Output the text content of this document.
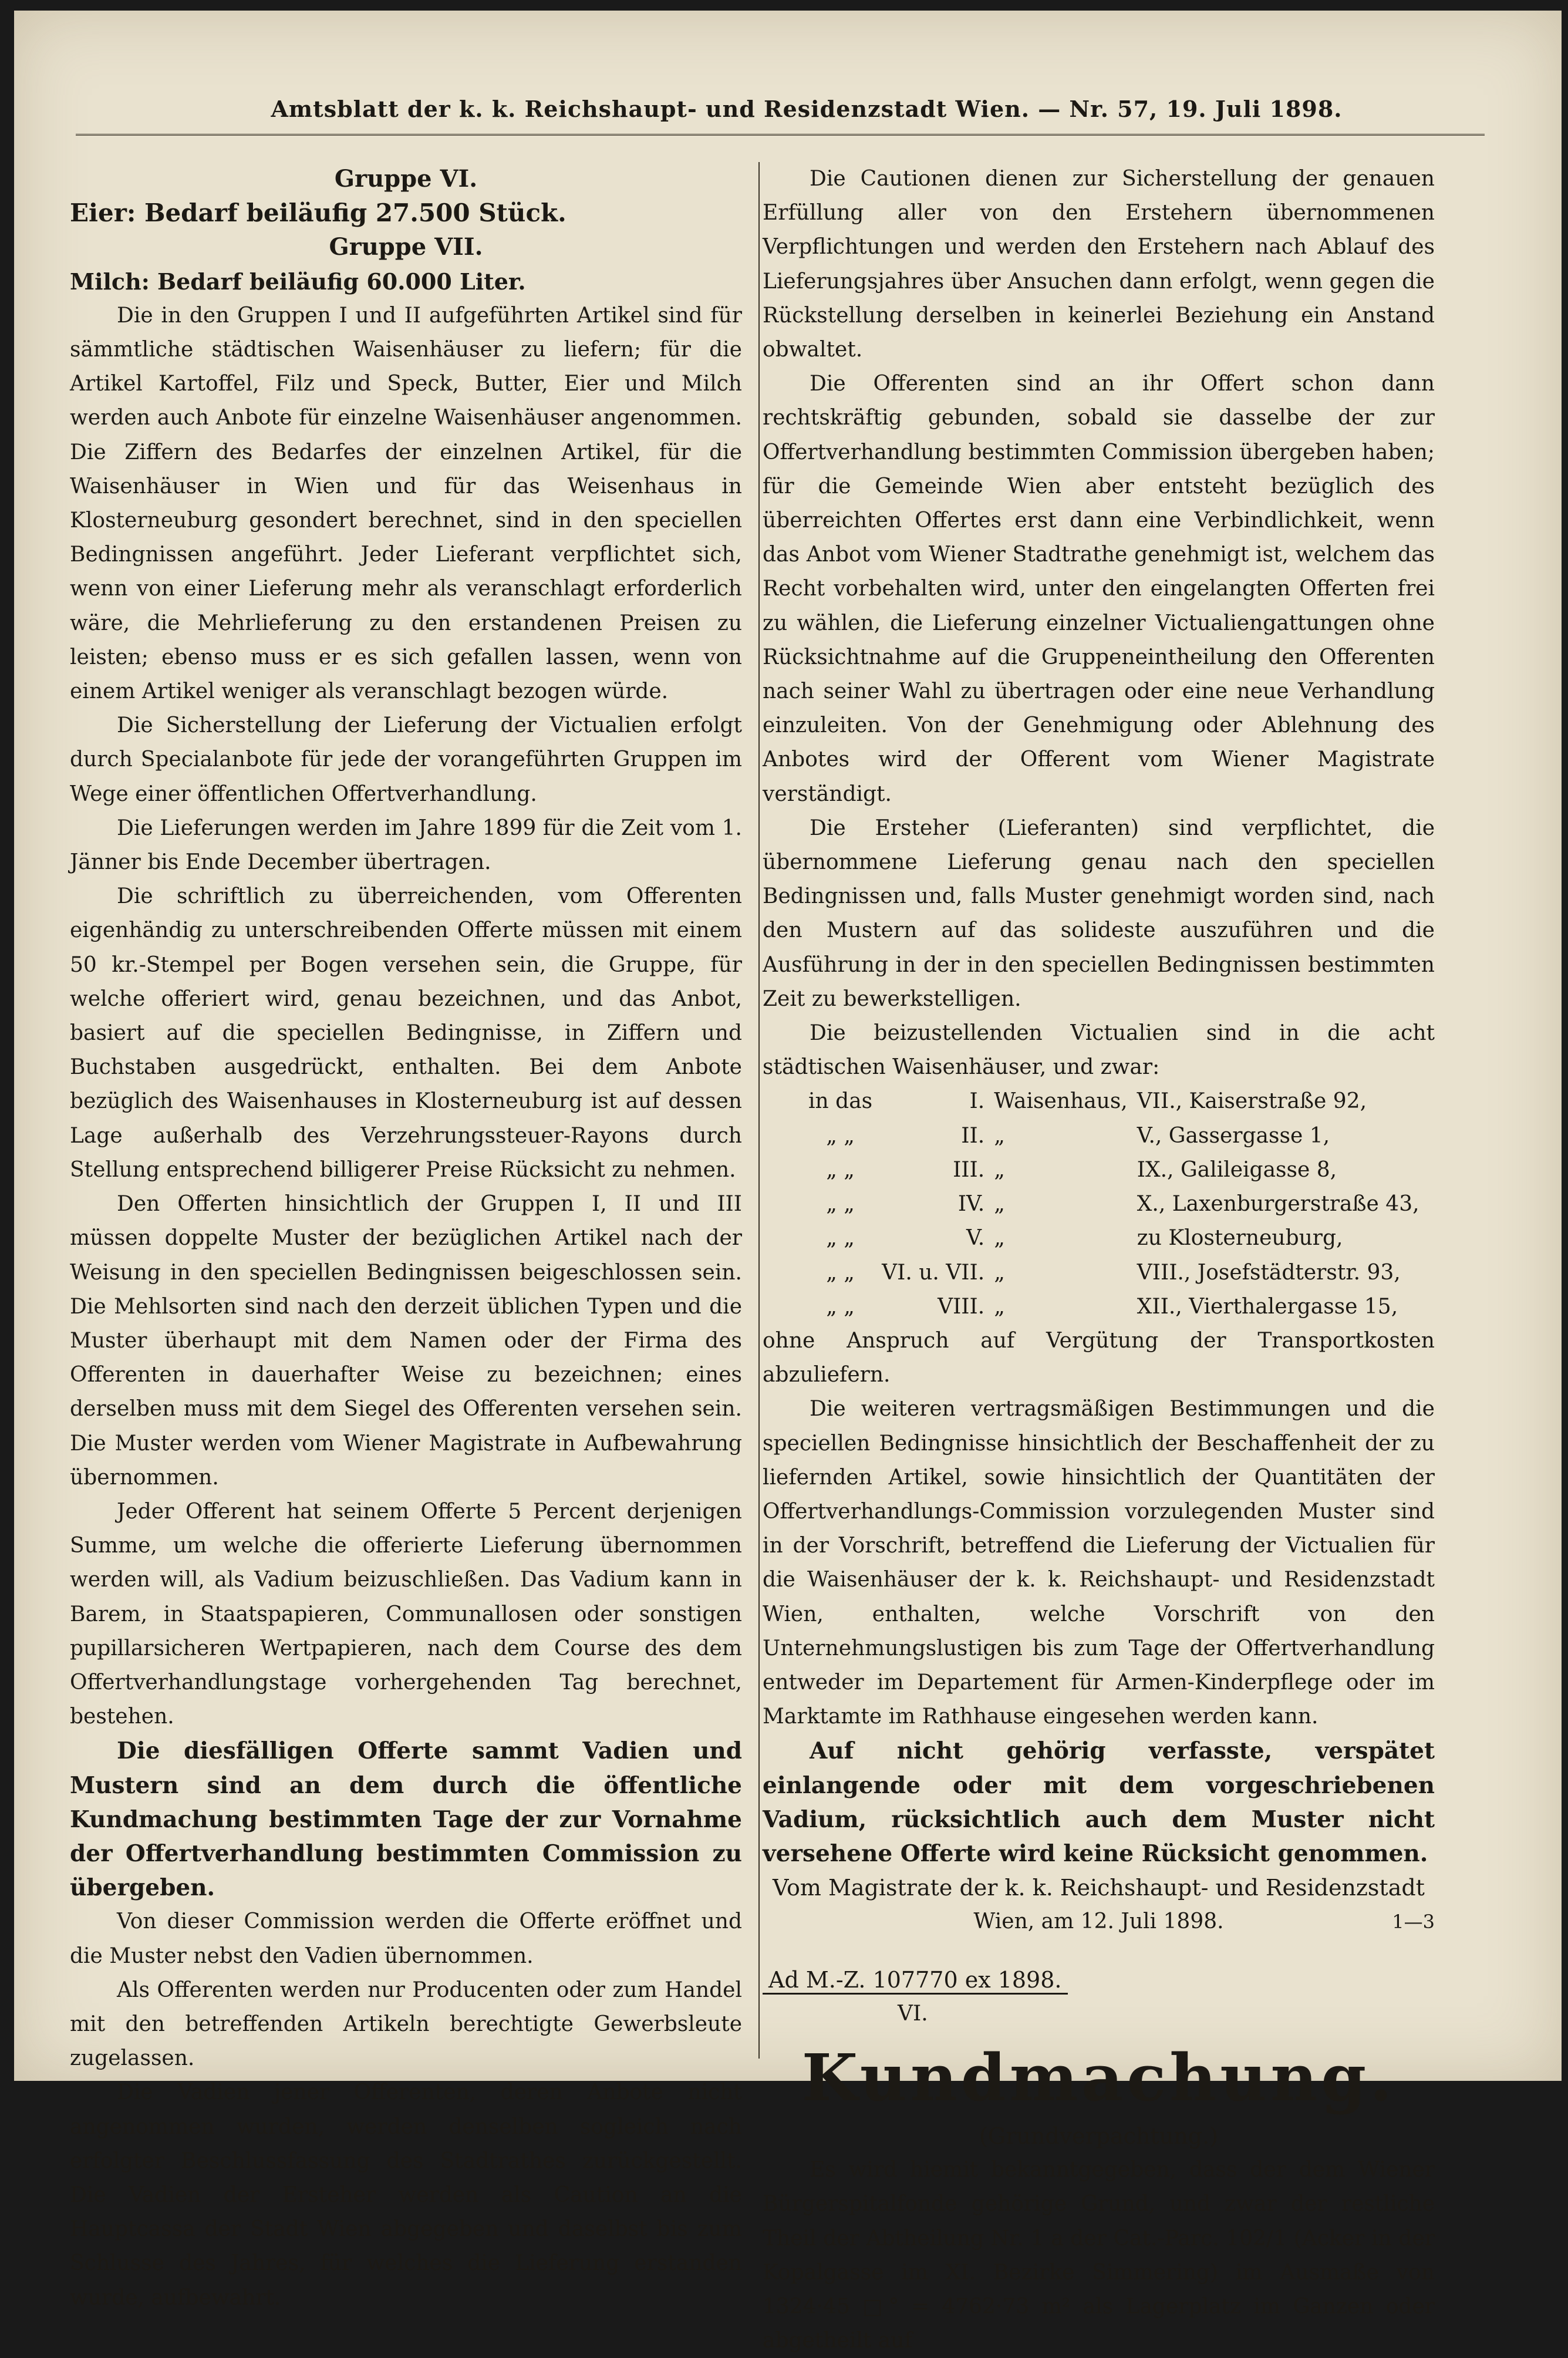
Amtsblatt der k. k. Reichshaupt- und Residenzstadt Wien. — Nr. 57, 19. Juli 1898.
Gruppe VI.

Eier: Bedarf beiläufig 27.500 Stück.

Gruppe VII.

Milch: Bedarf beiläufig 60.000 Liter.

Die in den Gruppen I und II aufgeführten Artikel sind für sämmtliche städtischen Waisenhäuser zu liefern; für die Artikel Kartoffel, Filz und Speck, Butter, Eier und Milch werden auch Anbote für einzelne Waisenhäuser angenommen. Die Ziffern des Bedarfes der einzelnen Artikel, für die Waisenhäuser in Wien und für das Weisenhaus in Klosterneuburg gesondert berechnet, sind in den speciellen Bedingnissen angeführt. Jeder Lieferant verpflichtet sich, wenn von einer Lieferung mehr als veranschlagt erforderlich wäre, die Mehrlieferung zu den erstandenen Preisen zu leisten; ebenso muss er es sich gefallen lassen, wenn von einem Artikel weniger als veranschlagt bezogen würde.

Die Sicherstellung der Lieferung der Victualien erfolgt durch Specialanbote für jede der vorangeführten Gruppen im Wege einer öffentlichen Offertverhandlung.

Die Lieferungen werden im Jahre 1899 für die Zeit vom 1. Jänner bis Ende December übertragen.

Die schriftlich zu überreichenden, vom Offerenten eigenhändig zu unterschreibenden Offerte müssen mit einem 50 kr.-Stempel per Bogen versehen sein, die Gruppe, für welche offeriert wird, genau bezeichnen, und das Anbot, basiert auf die speciellen Bedingnisse, in Ziffern und Buchstaben ausgedrückt, enthalten. Bei dem Anbote bezüglich des Waisenhauses in Klosterneuburg ist auf dessen Lage außerhalb des Verzehrungssteuer-Rayons durch Stellung entsprechend billigerer Preise Rücksicht zu nehmen.

Den Offerten hinsichtlich der Gruppen I, II und III müssen doppelte Muster der bezüglichen Artikel nach der Weisung in den speciellen Bedingnissen beigeschlossen sein. Die Mehlsorten sind nach den derzeit üblichen Typen und die Muster überhaupt mit dem Namen oder der Firma des Offerenten in dauerhafter Weise zu bezeichnen; eines derselben muss mit dem Siegel des Offerenten versehen sein. Die Muster werden vom Wiener Magistrate in Aufbewahrung übernommen.

Jeder Offerent hat seinem Offerte 5 Percent derjenigen Summe, um welche die offerierte Lieferung übernommen werden will, als Vadium beizuschließen. Das Vadium kann in Barem, in Staatspapieren, Communallosen oder sonstigen pupillarsicheren Wertpapieren, nach dem Course des dem Offertverhandlungstage vorhergehenden Tag berechnet, bestehen.

Die diesfälligen Offerte sammt Vadien und Mustern sind an dem durch die öffentliche Kundmachung bestimmten Tage der zur Vornahme der Offertverhandlung bestimmten Commission zu übergeben.

Von dieser Commission werden die Offerte eröffnet und die Muster nebst den Vadien übernommen.

Als Offerenten werden nur Producenten oder zum Handel mit den betreffenden Artikeln berechtigte Gewerbsleute zugelassen.

Die Vadien jener Offerenten, deren Anbote nicht angenommen wurden, werden denselben sogleich nach erfolgter Beschlussfassung des Stadtrathes zurückgestellt. Die Vadien der Ersteher werden als Caution an die Hauptcassa der Stadt Wien abgegeben und daselbst bis zum Schlusse des Jahres, für welches die Lieferung erstanden wurde, aufbewahrt.

Die Cautionen dienen zur Sicherstellung der genauen Erfüllung aller von den Erstehern übernommenen Verpflichtungen und werden den Erstehern nach Ablauf des Lieferungsjahres über Ansuchen dann erfolgt, wenn gegen die Rückstellung derselben in keinerlei Beziehung ein Anstand obwaltet.

Die Offerenten sind an ihr Offert schon dann rechtskräftig gebunden, sobald sie dasselbe der zur Offertverhandlung bestimmten Commission übergeben haben; für die Gemeinde Wien aber entsteht bezüglich des überreichten Offertes erst dann eine Verbindlichkeit, wenn das Anbot vom Wiener Stadtrathe genehmigt ist, welchem das Recht vorbehalten wird, unter den eingelangten Offerten frei zu wählen, die Lieferung einzelner Victualiengattungen ohne Rücksichtnahme auf die Gruppeneintheilung den Offerenten nach seiner Wahl zu übertragen oder eine neue Verhandlung einzuleiten. Von der Genehmigung oder Ablehnung des Anbotes wird der Offerent vom Wiener Magistrate verständigt.

Die Ersteher (Lieferanten) sind verpflichtet, die übernommene Lieferung genau nach den speciellen Bedingnissen und, falls Muster genehmigt worden sind, nach den Mustern auf das solideste auszuführen und die Ausführung in der in den speciellen Bedingnissen bestimmten Zeit zu bewerkstelligen.

Die beizustellenden Victualien sind in die acht städtischen Waisenhäuser, und zwar:

in das	I.	Waisenhaus,	VII., Kaiserstraße 92,
„ „	II.	„	V., Gassergasse 1,
„ „	III.	„	IX., Galileigasse 8,
„ „	IV.	„	X., Laxenburgerstraße 43,
„ „	V.	„	zu Klosterneuburg,
„ „	VI. u. VII.	„	VIII., Josefstädterstr. 93,
„ „	VIII.	„	XII., Vierthalergasse 15,

ohne Anspruch auf Vergütung der Transportkosten abzuliefern.

Die weiteren vertragsmäßigen Bestimmungen und die speciellen Bedingnisse hinsichtlich der Beschaffenheit der zu liefernden Artikel, sowie hinsichtlich der Quantitäten der Offertverhandlungs-Commission vorzulegenden Muster sind in der Vorschrift, betreffend die Lieferung der Victualien für die Waisenhäuser der k. k. Reichshaupt- und Residenzstadt Wien, enthalten, welche Vorschrift von den Unternehmungslustigen bis zum Tage der Offertverhandlung entweder im Departement für Armen-Kinderpflege oder im Marktamte im Rathhause eingesehen werden kann.

Auf nicht gehörig verfasste, verspätet einlangende oder mit dem vorgeschriebenen Vadium, rücksichtlich auch dem Muster nicht versehene Offerte wird keine Rücksicht genommen.

Vom Magistrate der k. k. Reichshaupt- und Residenzstadt

Wien, am 12. Juli 1898.	1—3
Ad M.-Z. 107770 ex 1898.
VI.
Kundmachung.

(Grundverpachtung.)

Es wird hiemit bekanntgegeben, dass der dem Wiener Bürgerspitalfonde gehörige Grund, und zwar der restliche Theil der Abtheilung Nr. 1 a der Cat.-Parc. 102/1 (Acker in der Kopalgasse im XI. Bezirke Simmering) im Ausmaße von 1324·45 □° = 4762·73 m² als Lagerplatz im Ganzen oder abgetheilt auf
